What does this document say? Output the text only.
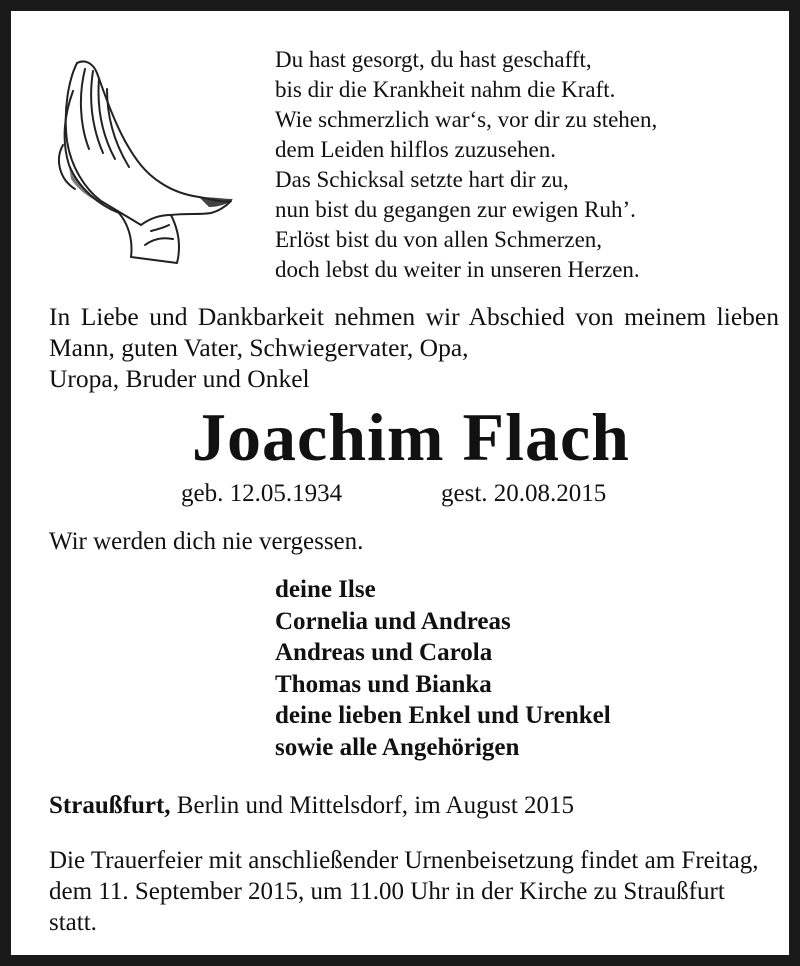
Du hast gesorgt, du hast geschafft,
bis dir die Krankheit nahm die Kraft.
Wie schmerzlich war‘s, vor dir zu stehen,
dem Leiden hilflos zuzusehen.
Das Schicksal setzte hart dir zu,
nun bist du gegangen zur ewigen Ruh’.
Erlöst bist du von allen Schmerzen,
doch lebst du weiter in unseren Herzen.
In Liebe und Dankbarkeit nehmen wir Abschied von meinem lieben Mann, guten Vater, Schwiegervater, Opa,
Uropa, Bruder und Onkel
Joachim Flach
geb. 12.05.1934	gest. 20.08.2015
Wir werden dich nie vergessen.
deine Ilse
Cornelia und Andreas
Andreas und Carola
Thomas und Bianka
deine lieben Enkel und Urenkel
sowie alle Angehörigen
Straußfurt, Berlin und Mittelsdorf, im August 2015
Die Trauerfeier mit anschließender Urnenbeisetzung findet am Freitag, dem 11. September 2015, um 11.00 Uhr in der Kirche zu Straußfurt statt.
